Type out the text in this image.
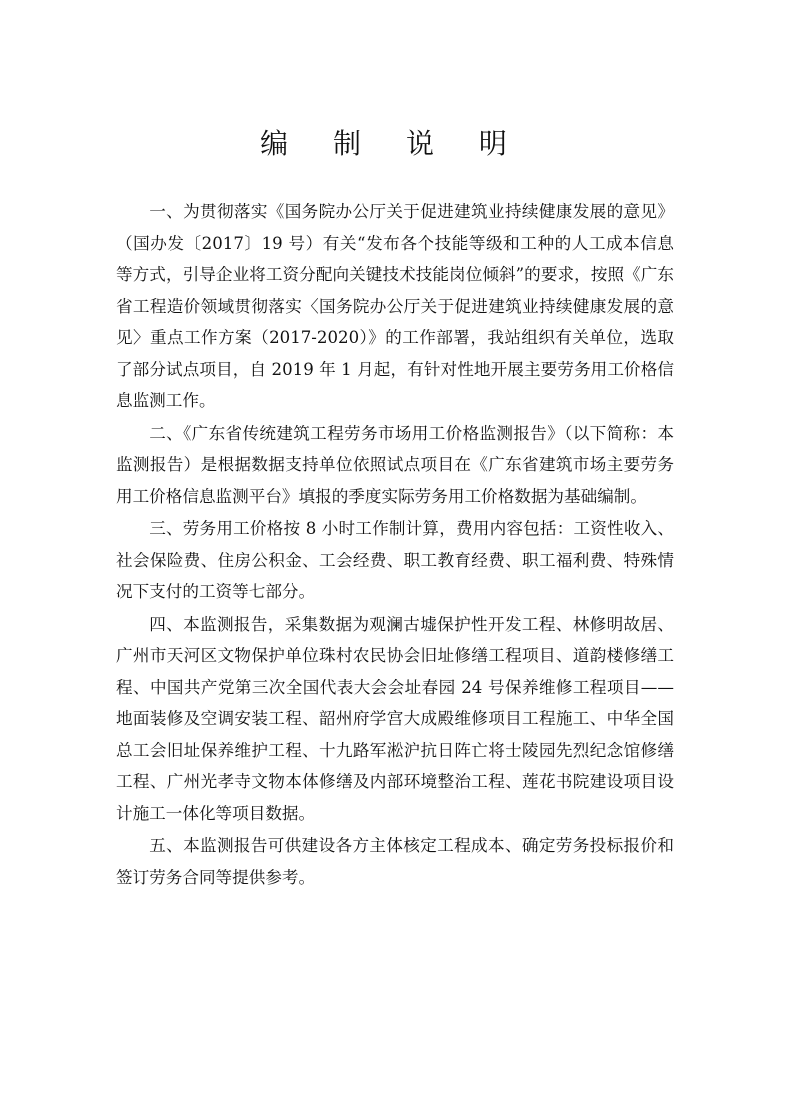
编 制 说 明

一、为贯彻落实《国务院办公厅关于促进建筑业持续健康发展的意见》（国办发〔2017〕19 号）有关“发布各个技能等级和工种的人工成本信息等方式，引导企业将工资分配向关键技术技能岗位倾斜”的要求，按照《广东省工程造价领域贯彻落实〈国务院办公厅关于促进建筑业持续健康发展的意见〉重点工作方案（2017-2020）》的工作部署，我站组织有关单位，选取了部分试点项目，自 2019 年 1 月起，有针对性地开展主要劳务用工价格信息监测工作。

二、《广东省传统建筑工程劳务市场用工价格监测报告》（以下简称：本监测报告）是根据数据支持单位依照试点项目在《广东省建筑市场主要劳务用工价格信息监测平台》填报的季度实际劳务用工价格数据为基础编制。

三、劳务用工价格按 8 小时工作制计算，费用内容包括：工资性收入、社会保险费、住房公积金、工会经费、职工教育经费、职工福利费、特殊情况下支付的工资等七部分。

四、本监测报告，采集数据为观澜古墟保护性开发工程、林修明故居、广州市天河区文物保护单位珠村农民协会旧址修缮工程项目、道韵楼修缮工程、中国共产党第三次全国代表大会会址春园 24 号保养维修工程项目——地面装修及空调安装工程、韶州府学宫大成殿维修项目工程施工、中华全国总工会旧址保养维护工程、十九路军淞沪抗日阵亡将士陵园先烈纪念馆修缮工程、广州光孝寺文物本体修缮及内部环境整治工程、莲花书院建设项目设计施工一体化等项目数据。

五、本监测报告可供建设各方主体核定工程成本、确定劳务投标报价和签订劳务合同等提供参考。
